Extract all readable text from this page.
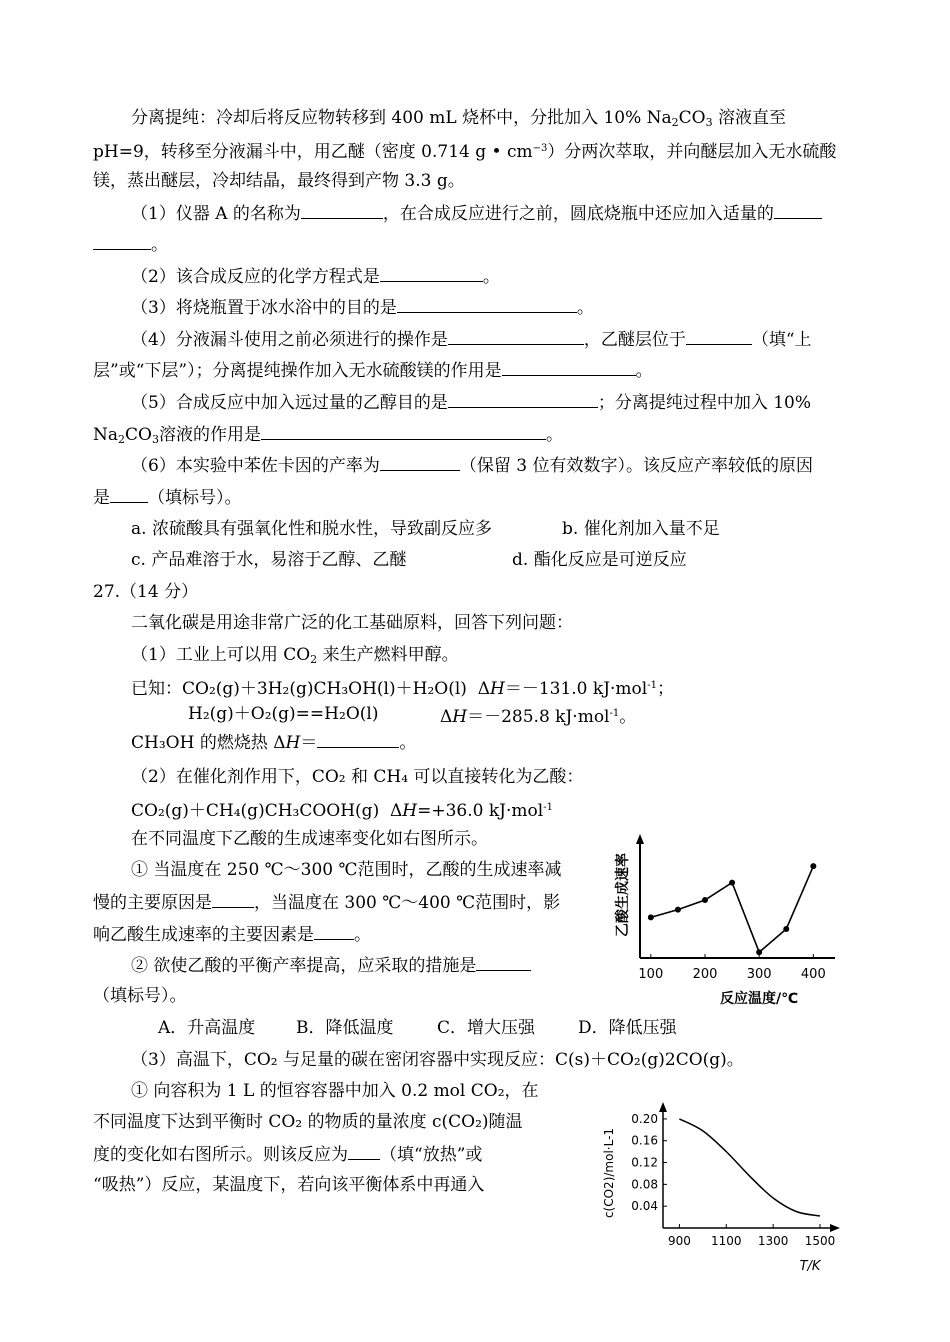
分离提纯：冷却后将反应物转移到 400 mL 烧杯中，分批加入 10% $Na_2CO_3$ 溶液直至
pH=9，转移至分液漏斗中，用乙醚（密度 0.714 g • $cm^{-3}$）分两次萃取，并向醚层加入无水硫酸
镁，蒸出醚层，冷却结晶，最终得到产物 3.3 g。
（1）仪器 A 的名称为	，在合成反应进行之前，圆底烧瓶中还应加入适量的
。
（2）该合成反应的化学方程式是	。
（3）将烧瓶置于冰水浴中的目的是	。
（4）分液漏斗使用之前必须进行的操作是	，乙醚层位于	（填“上
层”或“下层”）；分离提纯操作加入无水硫酸镁的作用是	。
（5）合成反应中加入远过量的乙醇目的是	；分离提纯过程中加入 10%
$Na_2CO_3$溶液的作用是	。
（6）本实验中苯佐卡因的产率为	（保留 3 位有效数字）。该反应产率较低的原因
是 （填标号）。
a. 浓硫酸具有强氧化性和脱水性，导致副反应多	b. 催化剂加入量不足
c. 产品难溶于水，易溶于乙醇、乙醚	d. 酯化反应是可逆反应
27.（14 分）
二氧化碳是用途非常广泛的化工基础原料，回答下列问题：
（1）工业上可以用 $CO_2$ 来生产燃料甲醇。
已知：CO₂(g)＋3H₂(g)CH₃OH(l)＋H₂O(l)  ΔH＝－131.0 kJ·mol$^{-1}$；
H₂(g)＋O₂(g)==H₂O(l)	ΔH＝－285.8 kJ·mol$^{-1}$。
CH₃OH 的燃烧热 ΔH＝	。
（2）在催化剂作用下，CO₂ 和 CH₄ 可以直接转化为乙酸：
CO₂(g)＋CH₄(g)CH₃COOH(g)  ΔH=+36.0 kJ·mol$^{-1}$
在不同温度下乙酸的生成速率变化如右图所示。
① 当温度在 250 ℃～300 ℃范围时，乙酸的生成速率减
慢的主要原因是 ，当温度在 300 ℃～400 ℃范围时，影
响乙酸生成速率的主要因素是 。
② 欲使乙酸的平衡产率提高，应采取的措施是
（填标号）。
A．升高温度 B．降低温度	C．增大压强	D．降低压强
（3）高温下，CO₂ 与足量的碳在密闭容器中实现反应：C(s)＋CO₂(g)2CO(g)。
① 向容积为 1 L 的恒容容器中加入 0.2 mol CO₂，在
不同温度下达到平衡时 CO₂ 的物质的量浓度 c(CO₂)随温
度的变化如右图所示。则该反应为 （填“放热”或
“吸热”）反应，某温度下，若向该平衡体系中再通入
100 200 300 400
反应温度/℃
乙酸生成速率
0.20
0.16
0.12
0.08
0.04
900 1100 1300 1500
T/K
c(CO2)/mol·L-1
